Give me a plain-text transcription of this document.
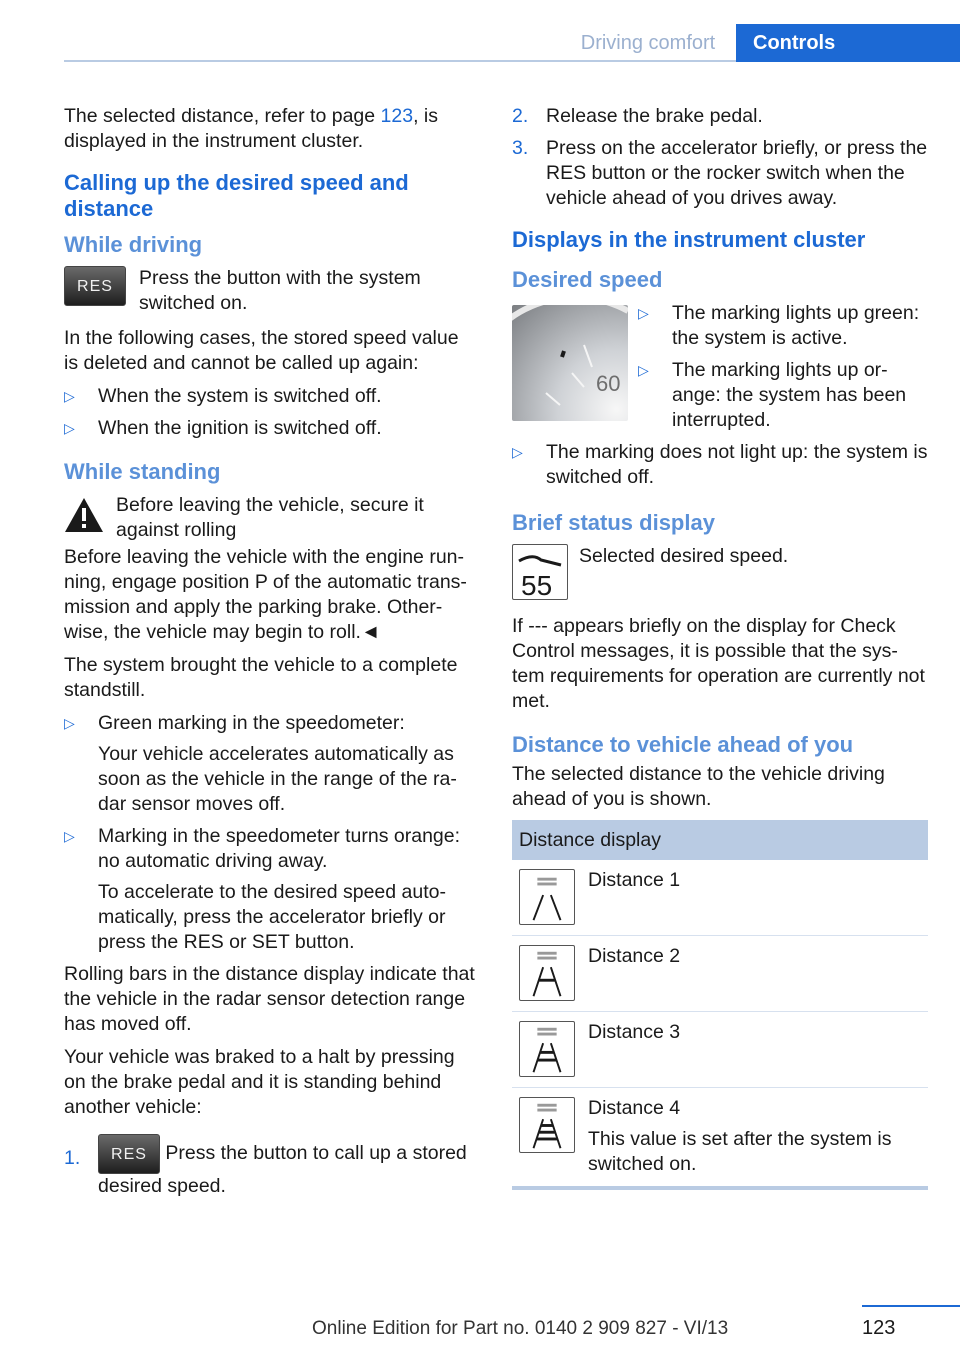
Driving comfort	Controls

The selected distance, refer to page 123, is displayed in the instrument cluster.

Calling up the desired speed and distance
While driving
RES	Press the button with the system switched on.

In the following cases, the stored speed value is deleted and cannot be called up again:

▷ When the system is switched off.
▷ When the ignition is switched off.
While standing
Before leaving the vehicle, secure it against rolling

Before leaving the vehicle with the engine run‐ning, engage position P of the automatic trans‐mission and apply the parking brake. Other‐wise, the vehicle may begin to roll.◄

The system brought the vehicle to a complete standstill.

▷ Green marking in the speedometer:
Your vehicle accelerates automatically as soon as the vehicle in the range of the ra‐dar sensor moves off.
▷ Marking in the speedometer turns orange: no automatic driving away.
To accelerate to the desired speed auto‐matically, press the accelerator briefly or press the RES or SET button.

Rolling bars in the distance display indicate that the vehicle in the radar sensor detection range has moved off.

Your vehicle was braked to a halt by pressing on the brake pedal and it is standing behind another vehicle:

1. RES Press the button to call up a stored desired speed.
2. Release the brake pedal.
3. Press on the accelerator briefly, or press the RES button or the rocker switch when the vehicle ahead of you drives away.
Displays in the instrument cluster
Desired speed
60
▷ The marking lights up green: the system is active.
▷ The marking lights up or‐ange: the system has been interrupted.
▷ The marking does not light up: the system is switched off.
Brief status display
55
Selected desired speed.

If --- appears briefly on the display for Check Control messages, it is possible that the sys‐tem requirements for operation are currently not met.

Distance to vehicle ahead of you

The selected distance to the vehicle driving ahead of you is shown.

Distance display
Distance 1
Distance 2
Distance 3
Distance 4
This value is set after the system is switched on.
123
Online Edition for Part no. 0140 2 909 827 - VI/13
